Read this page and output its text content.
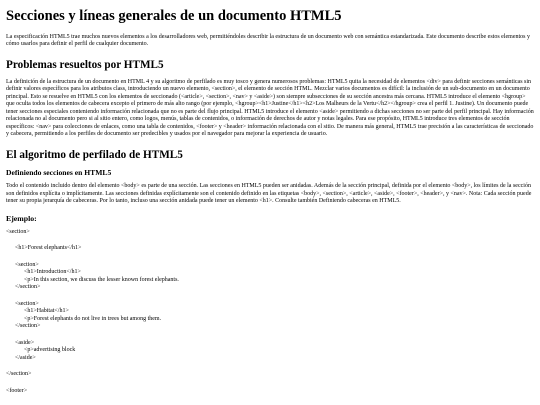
Secciones y líneas generales de un documento HTML5

La especificación HTML5 trae muchos nuevos elementos a los desarrolladores web, permitiéndoles describir la estructura de un documento web con semántica estandarizada. Este documento describe estos elementos y cómo usarlos para definir el perfil de cualquier documento.

Problemas resueltos por HTML5

La definición de la estructura de un documento en HTML 4 y su algoritmo de perfilado es muy tosco y genera numerosos problemas: HTML5 quita la necesidad de elementos <div> para definir secciones semánticas sin definir valores específicos para los atributos class, introduciendo un nuevo elemento, <section>, el elemento de sección HTML. Mezclar varios documentos es difícil: la inclusión de un sub-documento en un documento principal. Esto se resuelve en HTML5 con los elementos de seccionado (<article>, <section>, <nav> y <aside>) son siempre subsecciones de su sección ancestra más cercana. HTML5 introduce el elemento <hgroup> que oculta todos los elementos de cabecera excepto el primero de más alto rango (por ejemplo, <hgroup><h1>Justine</h1><h2>Los Malheurs de la Vertu</h2></hgroup> crea el perfil 1. Justine). Un documento puede tener secciones especiales conteniendo información relacionada que no es parte del flujo principal. HTML5 introduce el elemento <aside> permitiendo a dichas secciones no ser parte del perfil principal. Hay información relacionada no al documento pero si al sitio entero, como logos, menús, tablas de contenidos, o información de derechos de autor y notas legales. Para ese propósito, HTML5 introduce tres elementos de sección específicos: <nav> para colecciones de enlaces, como una tabla de contenidos, <footer> y <header> información relacionada con el sitio. De manera más general, HTML5 trae precisión a las características de seccionado y cabecera, permitiendo a los perfiles de documento ser predecibles y usados por el navegador para mejorar la experiencia de usuario.

El algoritmo de perfilado de HTML5
Definiendo secciones en HTML5

Todo el contenido incluido dentro del elemento <body> es parte de una sección. Las secciones en HTML5 pueden ser anidadas. Además de la sección principal, definida por el elemento <body>, los límites de la sección son definidos explícita o implícitamente. Las secciones definidas explícitamente son el contenido definido en las etiquetas <body>, <section>, <article>, <aside>, <footer>, <header>, y <nav>. Nota: Cada sección puede tener su propia jerarquía de cabeceras. Por lo tanto, incluso una sección anidada puede tener un elemento <h1>. Consulte también Definiendo cabeceras en HTML5.

Ejemplo:
<section>
<h1>Forest elephants</h1>
<section>
<h1>Introduction</h1>
<p>In this section, we discuss the lesser known forest elephants.
</section>
<section>
<h1>Habitat</h1>
<p>Forest elephants do not live in trees but among them.
</section>
<aside>
<p>advertising block
</aside>
</section>
<footer>
